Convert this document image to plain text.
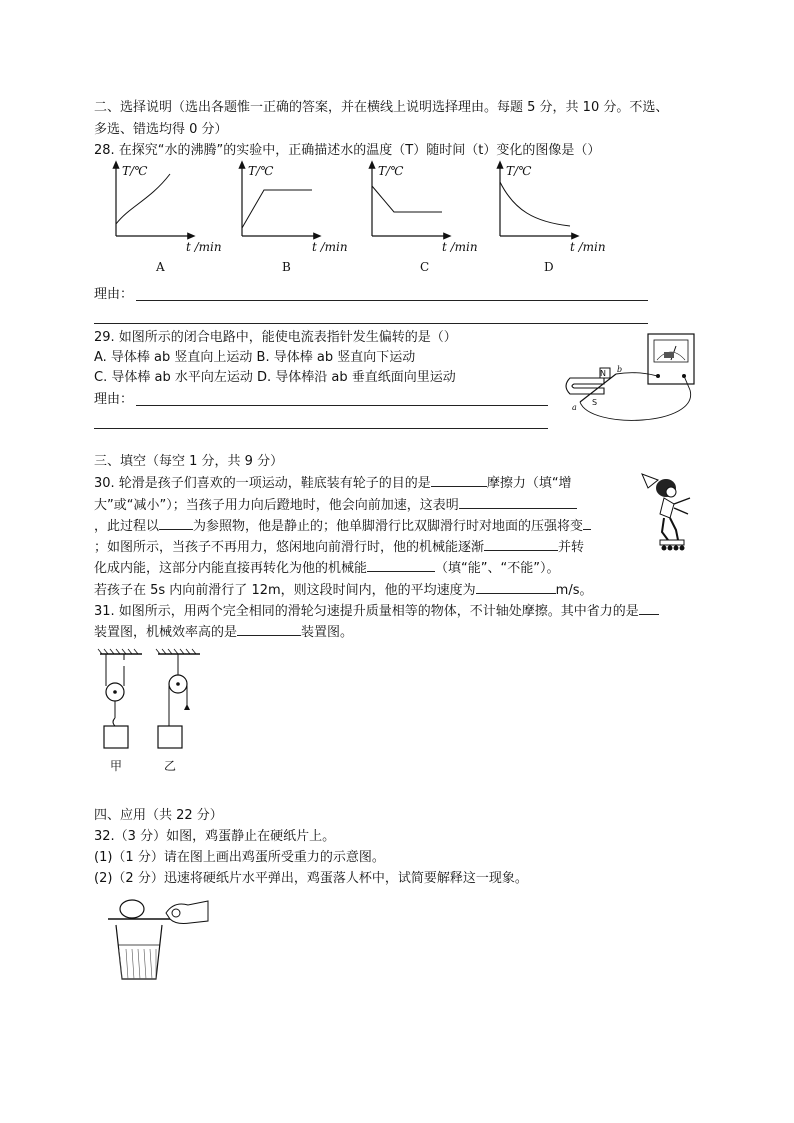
二、选择说明（选出各题惟一正确的答案，并在横线上说明选择理由。每题 5 分，共 10 分。不选、
多选、错选均得 0 分）
28. 在探究“水的沸腾”的实验中，正确描述水的温度（T）随时间（t）变化的图像是（）
T/℃
t /min
A
T/℃
t /min
B
T/℃
t /min
C
T/℃
t /min
D
理由：
29. 如图所示的闭合电路中，能使电流表指针发生偏转的是（）
A. 导体棒 ab 竖直向上运动 B. 导体棒 ab 竖直向下运动
C. 导体棒 ab 水平向左运动 D. 导体棒沿 ab 垂直纸面向里运动
理由：
N
S
a
b
三、填空（每空 1 分，共 9 分）
30. 轮滑是孩子们喜欢的一项运动，鞋底装有轮子的目的是	摩擦力（填“增
大”或“减小”）；当孩子用力向后蹬地时，他会向前加速，这表明
，此过程以	为参照物，他是静止的；他单脚滑行比双脚滑行时对地面的压强将变
；如图所示，当孩子不再用力，悠闲地向前滑行时，他的机械能逐渐	并转
化成内能，这部分内能直接再转化为他的机械能	（填“能”、“不能”）。
若孩子在 5s 内向前滑行了 12m，则这段时间内，他的平均速度为	m/s。
31. 如图所示，用两个完全相同的滑轮匀速提升质量相等的物体，不计轴处摩擦。其中省力的是
装置图，机械效率高的是	装置图。
甲	乙
四、应用（共 22 分）
32.（3 分）如图，鸡蛋静止在硬纸片上。
(1)（1 分）请在图上画出鸡蛋所受重力的示意图。
(2)（2 分）迅速将硬纸片水平弹出，鸡蛋落人杯中，试简要解释这一现象。
